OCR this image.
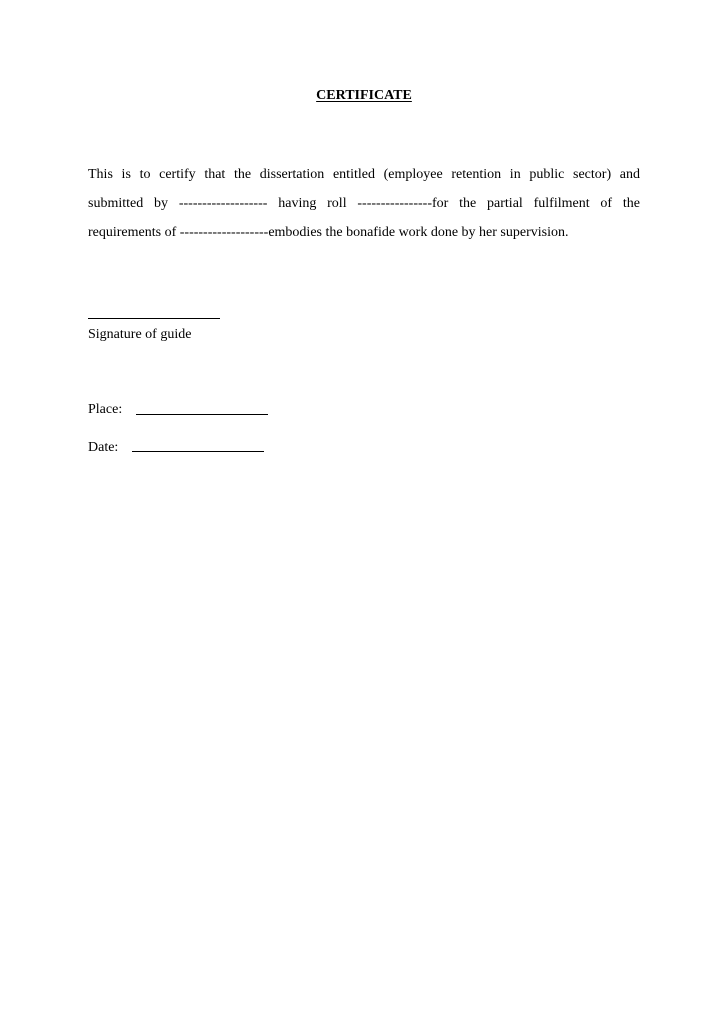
CERTIFICATE
This is to certify that the dissertation entitled (employee retention in public sector) and
submitted by ------------------- having roll ----------------for the partial fulfilment of the
requirements of -------------------embodies the bonafide work done by her supervision.
Signature of guide
Place:
Date:
